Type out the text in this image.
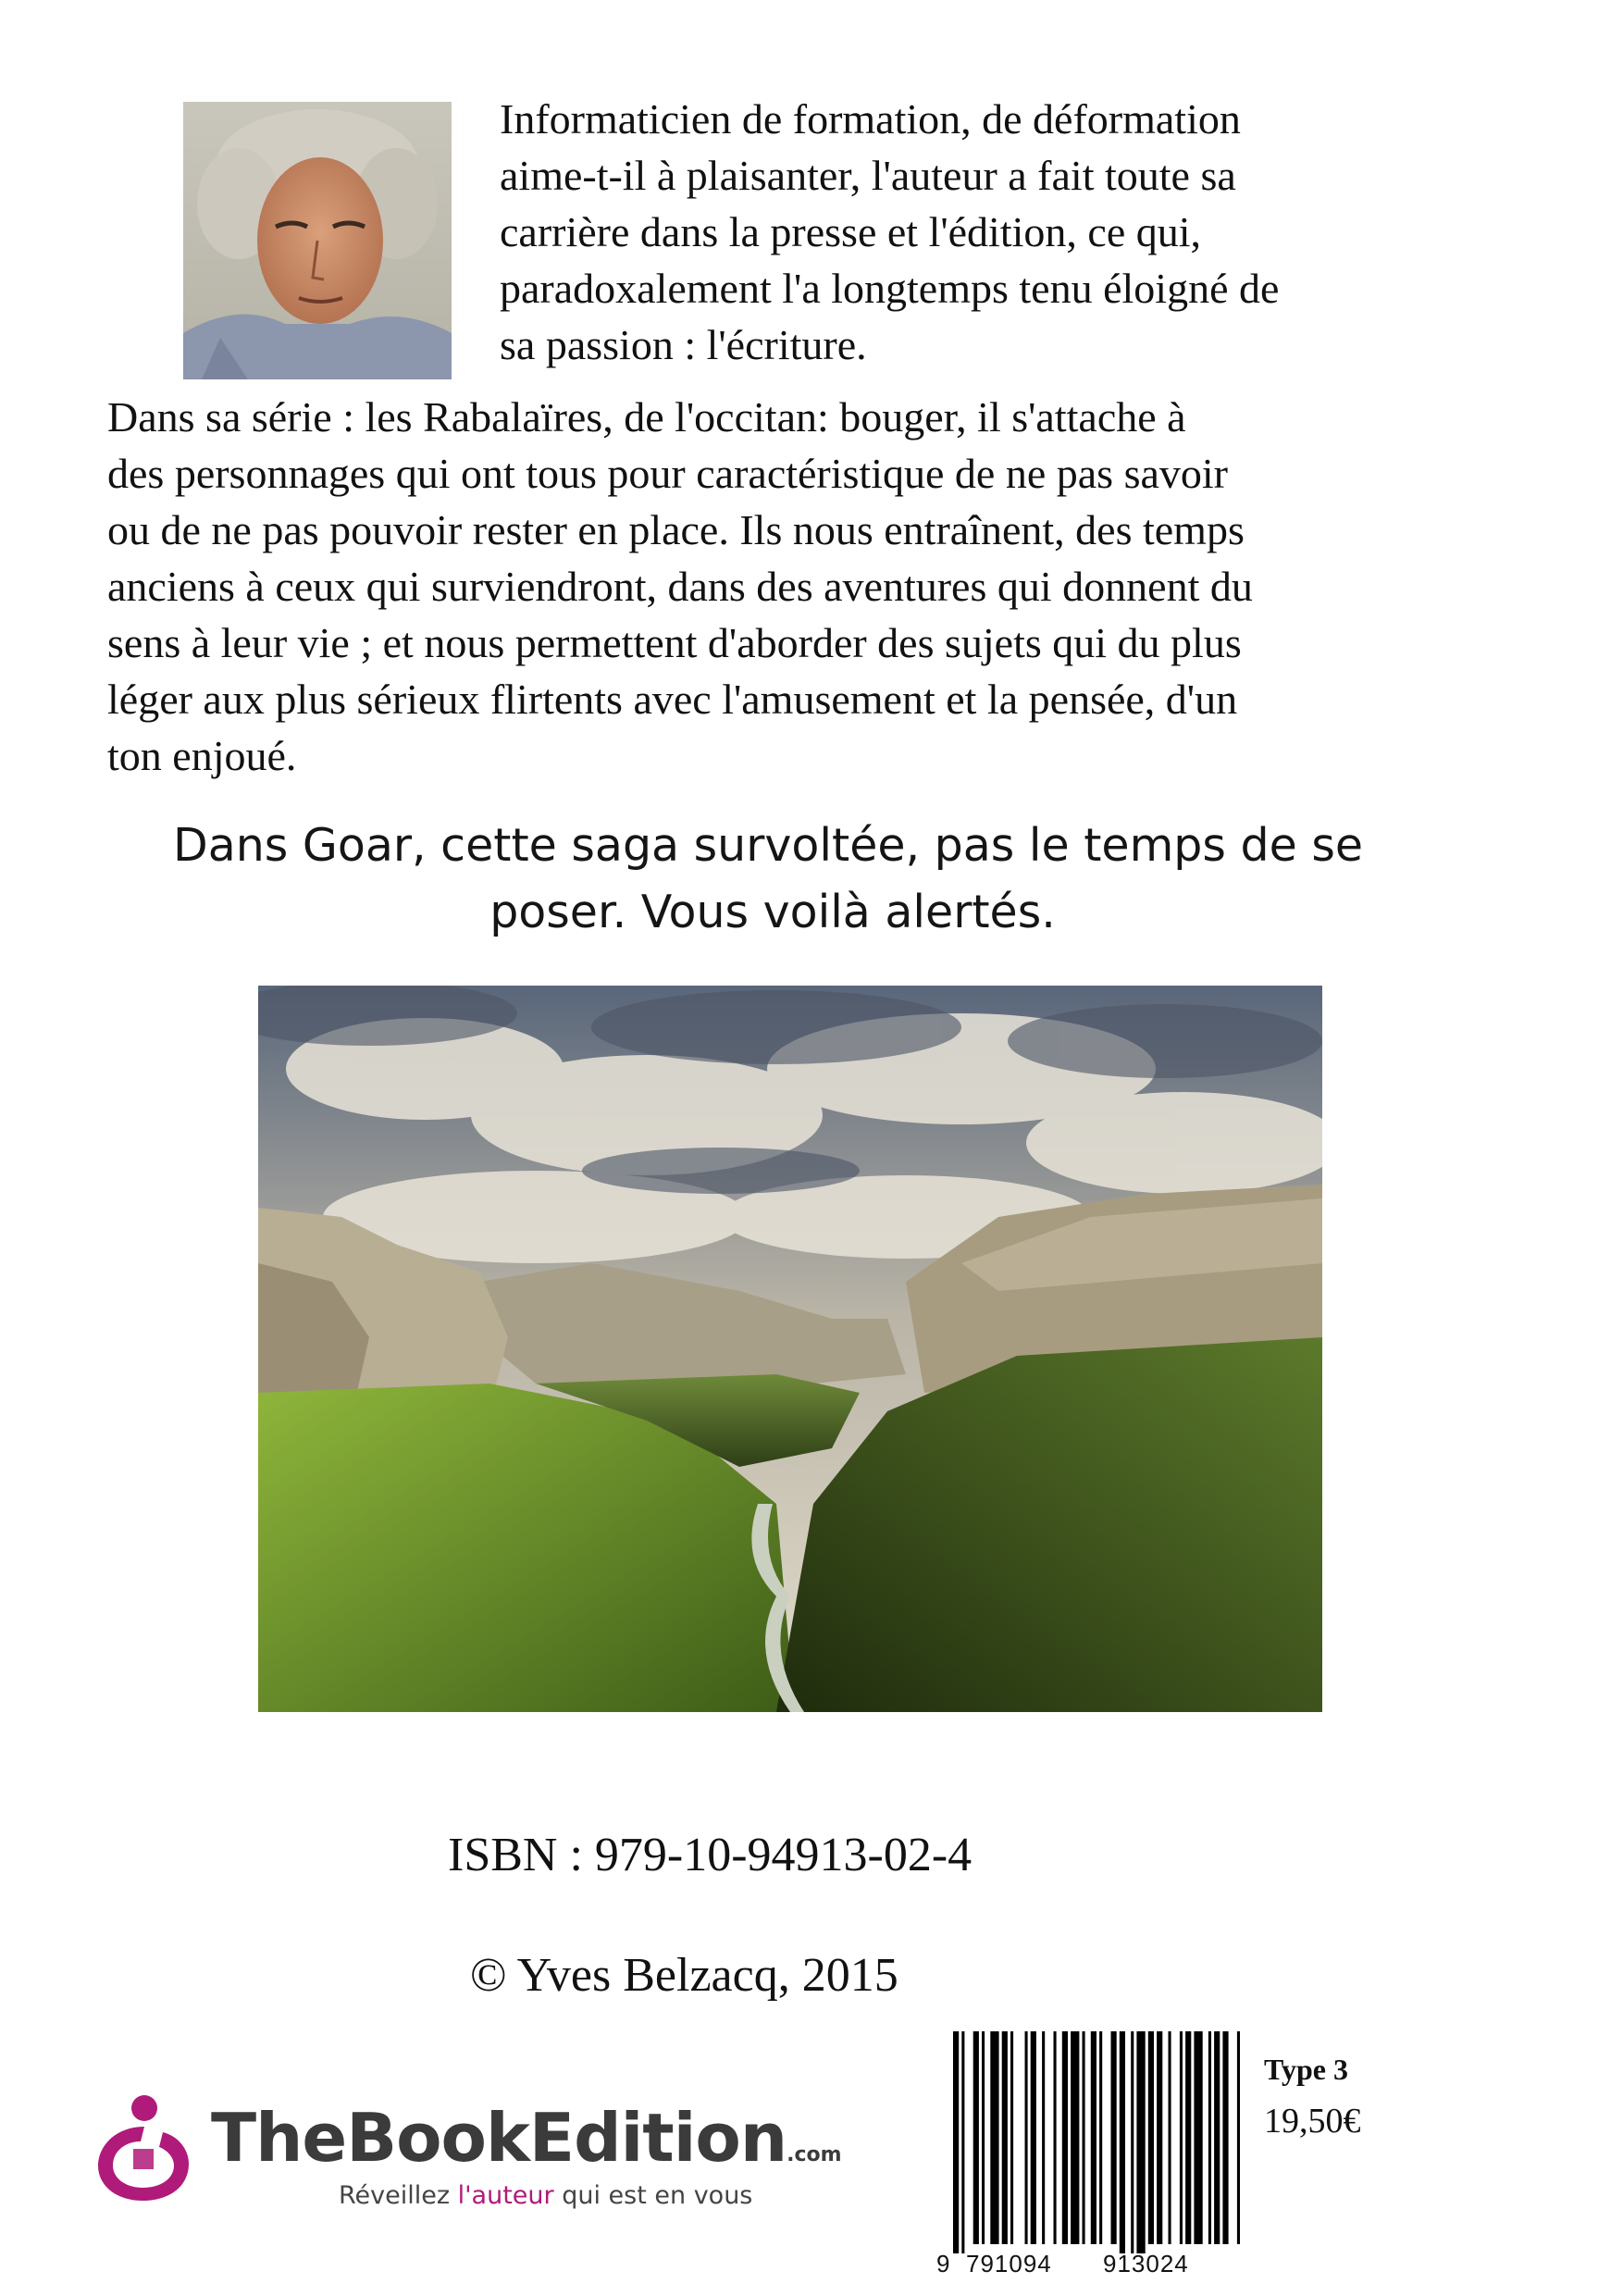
Informaticien de formation, de déformation
aime-t-il à plaisanter, l'auteur a fait toute sa
carrière dans la presse et l'édition, ce qui,
paradoxalement l'a longtemps tenu éloigné de
sa passion : l'écriture.
Dans sa série : les Rabalaïres, de l'occitan: bouger, il s'attache à
des personnages qui ont tous pour caractéristique de ne pas savoir
ou de ne pas pouvoir rester en place. Ils nous entraînent, des temps
anciens à ceux qui surviendront, dans des aventures qui donnent du
sens à leur vie ; et nous permettent d'aborder des sujets qui du plus
léger aux plus sérieux flirtents avec l'amusement et la pensée, d'un
ton enjoué.
Dans Goar, cette saga survoltée, pas le temps de se
poser. Vous voilà alertés.
ISBN : 979-10-94913-02-4
© Yves Belzacq, 2015
TheBookEdition.com
Réveillez l'auteur qui est en vous
9 791094 913024
Type 3
19,50€
